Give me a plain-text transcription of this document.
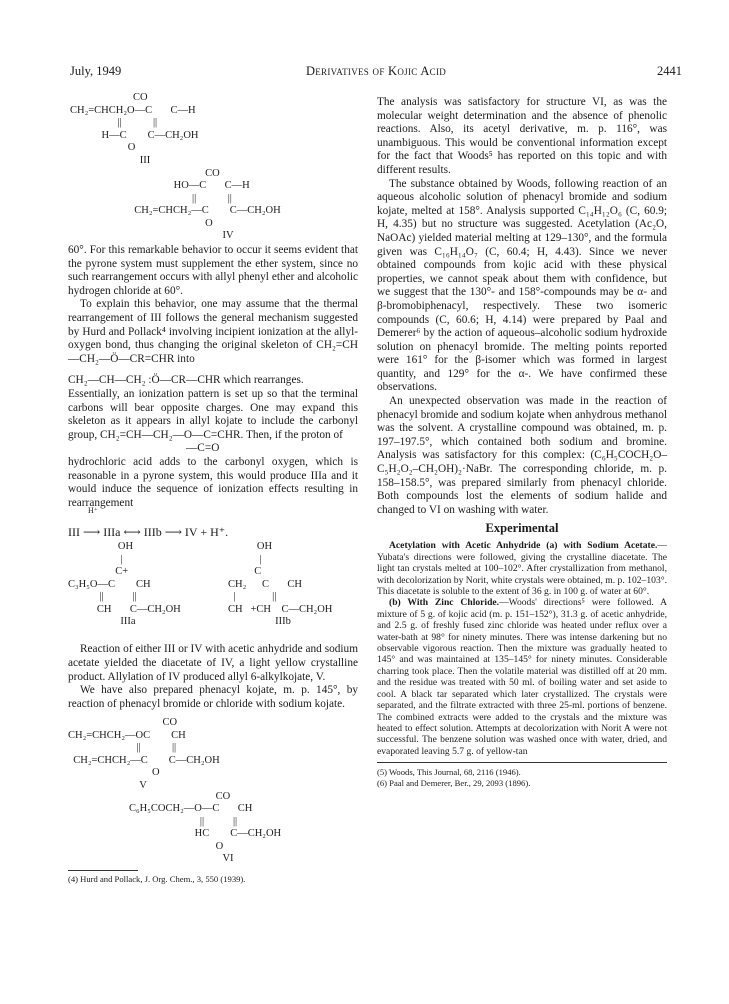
July, 1949	Derivatives of Kojic Acid	2441
CO
CH₂=CHCH₂O—C       C—H
||            ||
H—C        C—CH₂OH
O
III
CO
HO—C       C—H
||            ||
CH₂=CHCH₂—C        C—CH₂OH
O
IV

60°. For this remarkable behavior to occur it seems evident that the pyrone system must supplement the ether system, since no such rearrangement occurs with allyl phenyl ether and alcoholic hydrogen chloride at 60°.

To explain this behavior, one may assume that the thermal rearrangement of III follows the general mechanism suggested by Hurd and Pollack⁴ involving incipient ionization at the allyl-oxygen bond, thus changing the original skeleton of CH₂=CH—CH₂—Ö—CR=CHR into

CH₂—CH—CH₂ :Ö—CR—CHR which rearranges.

Essentially, an ionization pattern is set up so that the terminal carbons will bear opposite charges. One may expand this skeleton as it appears in allyl kojate to include the carbonyl group, CH₂=CH—CH₂—O—C=CHR. Then, if the proton of

—C=O

hydrochloric acid adds to the carbonyl oxygen, which is reasonable in a pyrone system, this would produce IIIa and it would induce the sequence of ionization effects resulting in rearrangement

$^{H^+}$
III ⟶ IIIa ⟷ IIIb ⟶ IV + H⁺.

OH
|
C+
C₃H₅O—C        CH
||           ||
CH       C—CH₂OH
IIIa
OH
|
C
CH₂      C       CH
|              ||
CH   +CH    C—CH₂OH
IIIb

Reaction of either III or IV with acetic anhydride and sodium acetate yielded the diacetate of IV, a light yellow crystalline product. Allylation of IV produced allyl 6-alkylkojate, V.

We have also prepared phenacyl kojate, m. p. 145°, by reaction of phenacyl bromide or chloride with sodium kojate.

CO
CH₂=CHCH₂—OC        CH
||            ||
CH₂=CHCH₂—C        C—CH₂OH
O
V
CO
C₆H₅COCH₂—O—C       CH
||           ||
HC        C—CH₂OH
O
VI

(4) Hurd and Pollack, J. Org. Chem., 3, 550 (1939).

The analysis was satisfactory for structure VI, as was the molecular weight determination and the absence of phenolic reactions. Also, its acetyl derivative, m. p. 116°, was unambiguous. This would be conventional information except for the fact that Woods⁵ has reported on this topic and with different results.

The substance obtained by Woods, following reaction of an aqueous alcoholic solution of phenacyl bromide and sodium kojate, melted at 158°. Analysis supported C₁₄H₁₂O₆ (C, 60.9; H, 4.35) but no structure was suggested. Acetylation (Ac₂O, NaOAc) yielded material melting at 129–130°, and the formula given was C₁₆H₁₄O₇ (C, 60.4; H, 4.43). Since we never obtained compounds from kojic acid with these physical properties, we cannot speak about them with confidence, but we suggest that the 130°- and 158°-compounds may be α- and β-bromobiphenacyl, respectively. These two isomeric compounds (C, 60.6; H, 4.14) were prepared by Paal and Demerer⁶ by the action of aqueous–alcoholic sodium hydroxide solution on phenacyl bromide. The melting points reported were 161° for the β-isomer which was formed in largest quantity, and 129° for the α-. We have confirmed these observations.

An unexpected observation was made in the reaction of phenacyl bromide and sodium kojate when anhydrous methanol was the solvent. A crystalline compound was obtained, m. p. 197–197.5°, which contained both sodium and bromine. Analysis was satisfactory for this complex: (C₆H₅COCH₂O–C₅H₂O₂–CH₂OH)₂·NaBr. The corresponding chloride, m. p. 158–158.5°, was prepared similarly from phenacyl chloride. Both compounds lost the elements of sodium halide and changed to VI on washing with water.

Experimental

Acetylation with Acetic Anhydride (a) with Sodium Acetate.—Yubata's directions were followed, giving the crystalline diacetate. The light tan crystals melted at 100–102°. After crystallization from methanol, with decolorization by Norit, white crystals were obtained, m. p. 102–103°. This diacetate is soluble to the extent of 36 g. in 100 g. of water at 60°.

(b) With Zinc Chloride.—Woods' directions⁵ were followed. A mixture of 5 g. of kojic acid (m. p. 151–152°), 31.3 g. of acetic anhydride, and 2.5 g. of freshly fused zinc chloride was heated under reflux over a water-bath at 98° for ninety minutes. There was intense darkening but no observable vigorous reaction. Then the mixture was gradually heated to 145° and was maintained at 135–145° for ninety minutes. Considerable charring took place. Then the volatile material was distilled off at 20 mm. and the residue was treated with 50 ml. of boiling water and set aside to cool. A black tar separated which later crystallized. The crystals were separated, and the filtrate extracted with three 25-ml. portions of benzene. The combined extracts were added to the crystals and the mixture was heated to effect solution. Attempts at decolorization with Norit A were not successful. The benzene solution was washed once with water, dried, and evaporated leaving 5.7 g. of yellow-tan

(5) Woods, This Journal, 68, 2116 (1946).

(6) Paal and Demerer, Ber., 29, 2093 (1896).
